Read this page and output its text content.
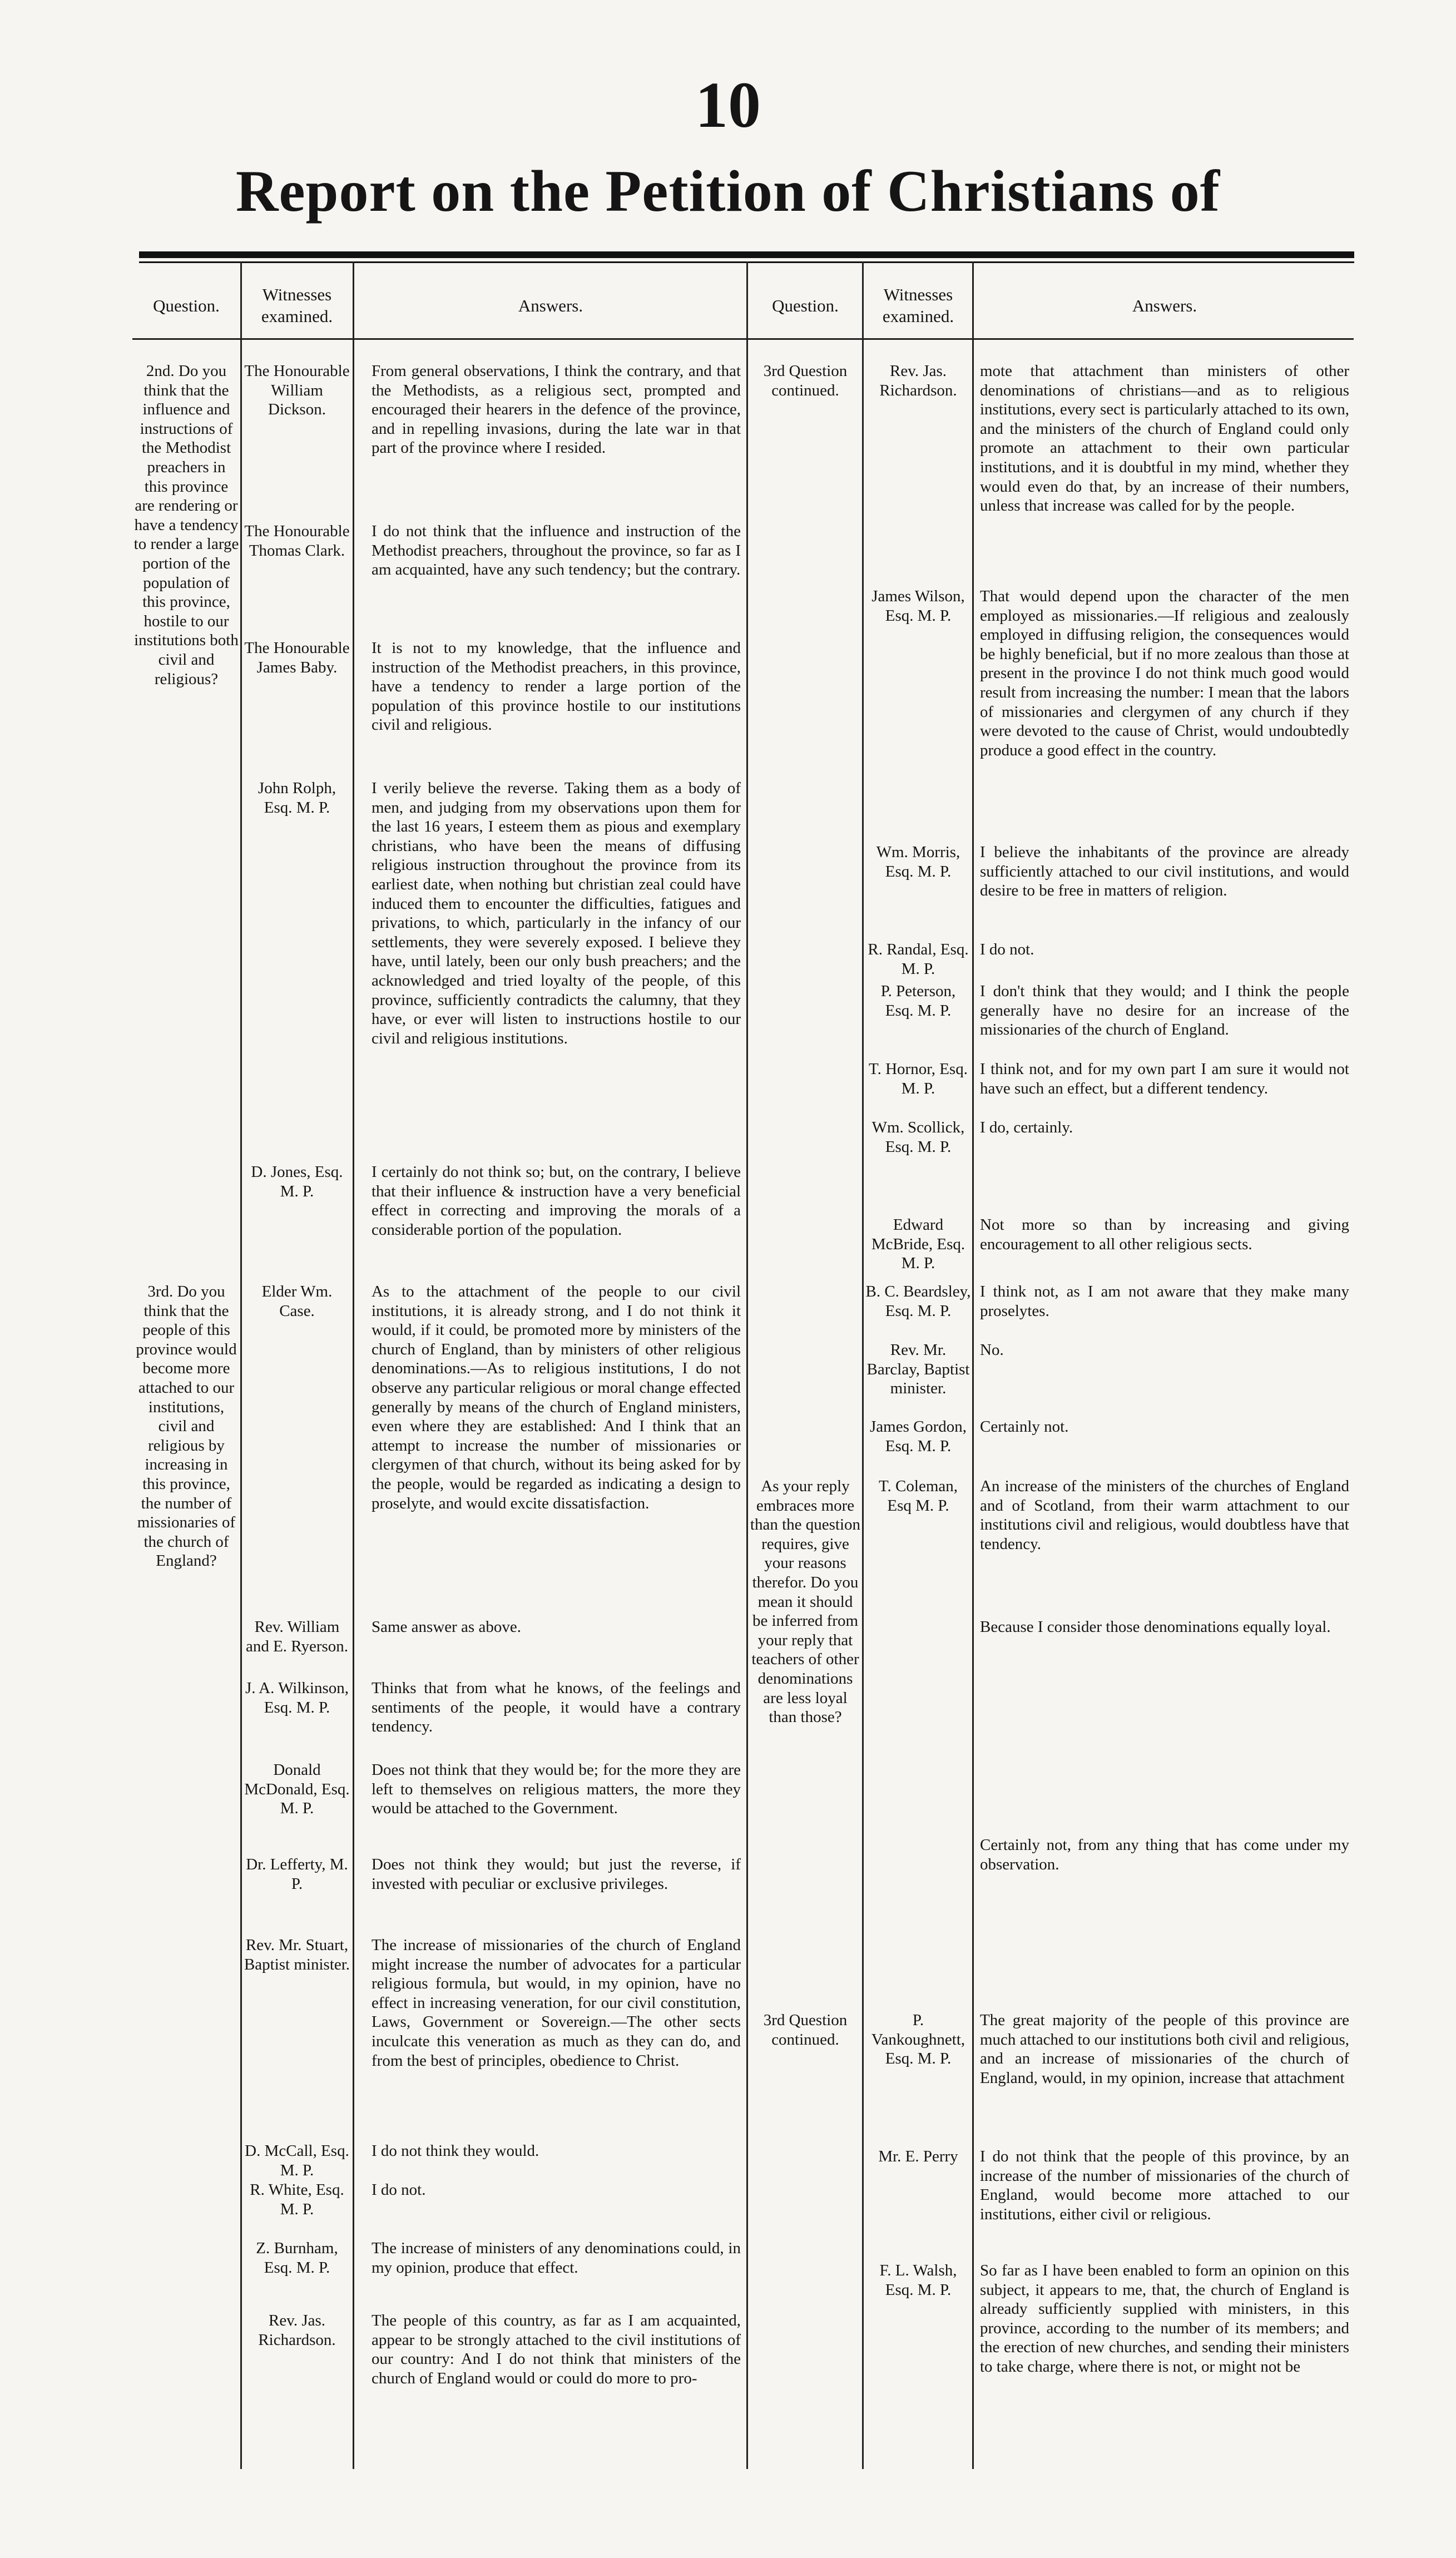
10
Report on the Petition of Christians of
Question.
Witnesses examined.
Answers.	Question.
Witnesses examined.
Answers.
2nd. Do you think that the influence and instructions of the Methodist preachers in this province are rendering or have a tendency to render a large portion of the population of this province, hostile to our institutions both civil and religious?
3rd. Do you think that the people of this province would become more attached to our institutions, civil and religious by increasing in this province, the number of missionaries of the church of England?
The Honourable William Dickson.
The Honourable Thomas Clark.
The Honourable James Baby.
John Rolph, Esq. M. P.
D. Jones, Esq. M. P.
Elder Wm. Case.
Rev. William and E. Ryerson.
J. A. Wilkinson, Esq. M. P.
Donald McDonald, Esq. M. P.
Dr. Lefferty, M. P.
Rev. Mr. Stuart, Baptist minister.
D. McCall, Esq. M. P.
R. White, Esq. M. P.
Z. Burnham, Esq. M. P.
Rev. Jas. Richardson.
From general observations, I think the contrary, and that the Methodists, as a religious sect, prompted and encouraged their hearers in the defence of the province, and in repelling invasions, during the late war in that part of the province where I resided.
I do not think that the influence and instruction of the Methodist preachers, throughout the province, so far as I am acquainted, have any such tendency; but the contrary.
It is not to my knowledge, that the influence and instruction of the Methodist preachers, in this province, have a tendency to render a large portion of the population of this province hostile to our institutions civil and religious.
I verily believe the reverse. Taking them as a body of men, and judging from my observations upon them for the last 16 years, I esteem them as pious and exemplary christians, who have been the means of diffusing religious instruction throughout the province from its earliest date, when nothing but christian zeal could have induced them to encounter the difficulties, fatigues and privations, to which, particularly in the infancy of our settlements, they were severely exposed. I believe they have, until lately, been our only bush preachers; and the acknowledged and tried loyalty of the people, of this province, sufficiently contradicts the calumny, that they have, or ever will listen to instructions hostile to our civil and religious institutions.
I certainly do not think so; but, on the contrary, I believe that their influence & instruction have a very beneficial effect in correcting and improving the morals of a considerable portion of the population.
As to the attachment of the people to our civil institutions, it is already strong, and I do not think it would, if it could, be promoted more by ministers of the church of England, than by ministers of other religious denominations.—As to religious institutions, I do not observe any particular religious or moral change effected generally by means of the church of England ministers, even where they are established: And I think that an attempt to increase the number of missionaries or clergymen of that church, without its being asked for by the people, would be regarded as indicating a design to proselyte, and would excite dissatisfaction.
Same answer as above.
Thinks that from what he knows, of the feelings and sentiments of the people, it would have a contrary tendency.
Does not think that they would be; for the more they are left to themselves on religious matters, the more they would be attached to the Government.
Does not think they would; but just the reverse, if invested with peculiar or exclusive privileges.
The increase of missionaries of the church of England might increase the number of advocates for a particular religious formula, but would, in my opinion, have no effect in increasing veneration, for our civil constitution, Laws, Government or Sovereign.—The other sects inculcate this veneration as much as they can do, and from the best of principles, obedience to Christ.
I do not think they would.
I do not.
The increase of ministers of any denominations could, in my opinion, produce that effect.
The people of this country, as far as I am acquainted, appear to be strongly attached to the civil institutions of our country: And I do not think that ministers of the church of England would or could do more to pro-
3rd Question continued.
As your reply embraces more than the question requires, give your reasons therefor. Do you mean it should be inferred from your reply that teachers of other denominations are less loyal than those?
3rd Question continued.
Rev. Jas. Richardson.
James Wilson, Esq. M. P.
Wm. Morris, Esq. M. P.
R. Randal, Esq. M. P.
P. Peterson, Esq. M. P.
T. Hornor, Esq. M. P.
Wm. Scollick, Esq. M. P.
Edward McBride, Esq. M. P.
B. C. Beardsley, Esq. M. P.
Rev. Mr. Barclay, Baptist minister.
James Gordon, Esq. M. P.
T. Coleman, Esq M. P.
P. Vankoughnett, Esq. M. P.
Mr. E. Perry
F. L. Walsh, Esq. M. P.
mote that attachment than ministers of other denominations of christians—and as to religious institutions, every sect is particularly attached to its own, and the ministers of the church of England could only promote an attachment to their own particular institutions, and it is doubtful in my mind, whether they would even do that, by an increase of their numbers, unless that increase was called for by the people.
That would depend upon the character of the men employed as missionaries.—If religious and zealously employed in diffusing religion, the consequences would be highly beneficial, but if no more zealous than those at present in the province I do not think much good would result from increasing the number: I mean that the labors of missionaries and clergymen of any church if they were devoted to the cause of Christ, would undoubtedly produce a good effect in the country.
I believe the inhabitants of the province are already sufficiently attached to our civil institutions, and would desire to be free in matters of religion.
I do not.
I don't think that they would; and I think the people generally have no desire for an increase of the missionaries of the church of England.
I think not, and for my own part I am sure it would not have such an effect, but a different tendency.
I do, certainly.
Not more so than by increasing and giving encouragement to all other religious sects.
I think not, as I am not aware that they make many proselytes.
No.
Certainly not.
An increase of the ministers of the churches of England and of Scotland, from their warm attachment to our institutions civil and religious, would doubtless have that tendency.
Because I consider those denominations equally loyal.
Certainly not, from any thing that has come under my observation.
The great majority of the people of this province are much attached to our institutions both civil and religious, and an increase of missionaries of the church of England, would, in my opinion, increase that attachment
I do not think that the people of this province, by an increase of the number of missionaries of the church of England, would become more attached to our institutions, either civil or religious.
So far as I have been enabled to form an opinion on this subject, it appears to me, that, the church of England is already sufficiently supplied with ministers, in this province, according to the number of its members; and the erection of new churches, and sending their ministers to take charge, where there is not, or might not be
